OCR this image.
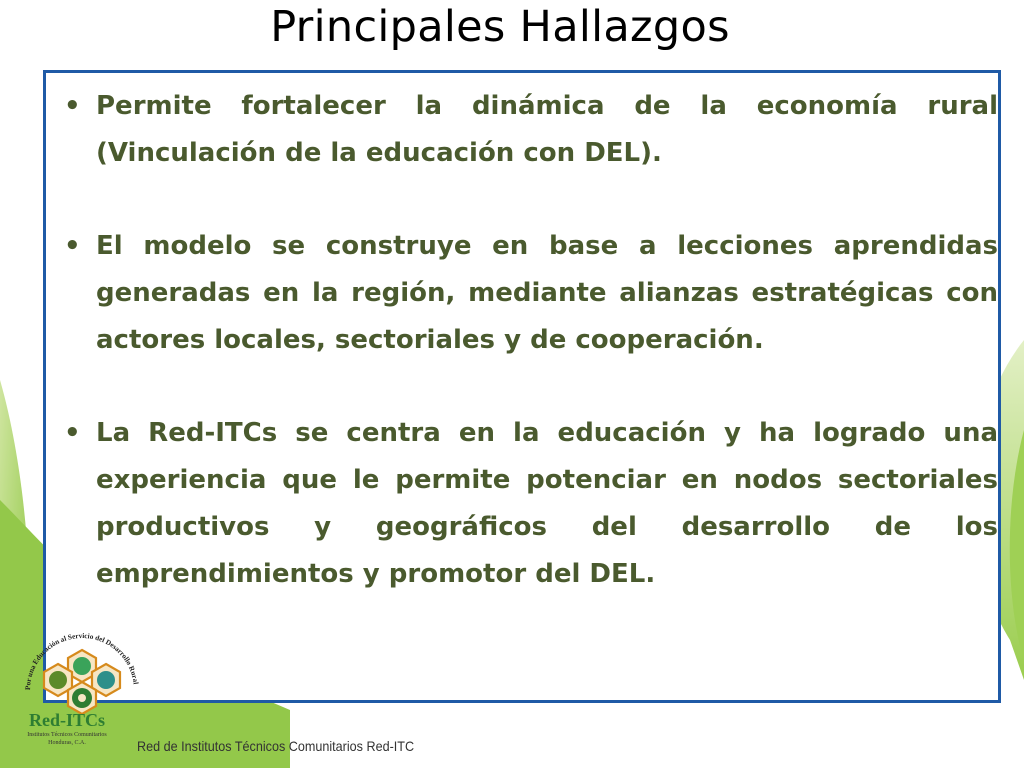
Principales Hallazgos
• Permite fortalecer la dinámica de la economía rural (Vinculación de la educación con DEL).
• El modelo se construye en base a lecciones aprendidas generadas en la región, mediante alianzas estratégicas con actores locales, sectoriales y de cooperación.
• La Red-ITCs se centra en la educación y ha logrado una experiencia que le permite potenciar en nodos sectoriales productivos y geográficos del desarrollo de los emprendimientos y promotor del DEL.
Por una Educación al Servicio del Desarrollo Rural
Red-ITCs
Institutos Técnicos Comunitarios
Honduras, C.A.	Red de Institutos Técnicos Comunitarios Red-ITC
